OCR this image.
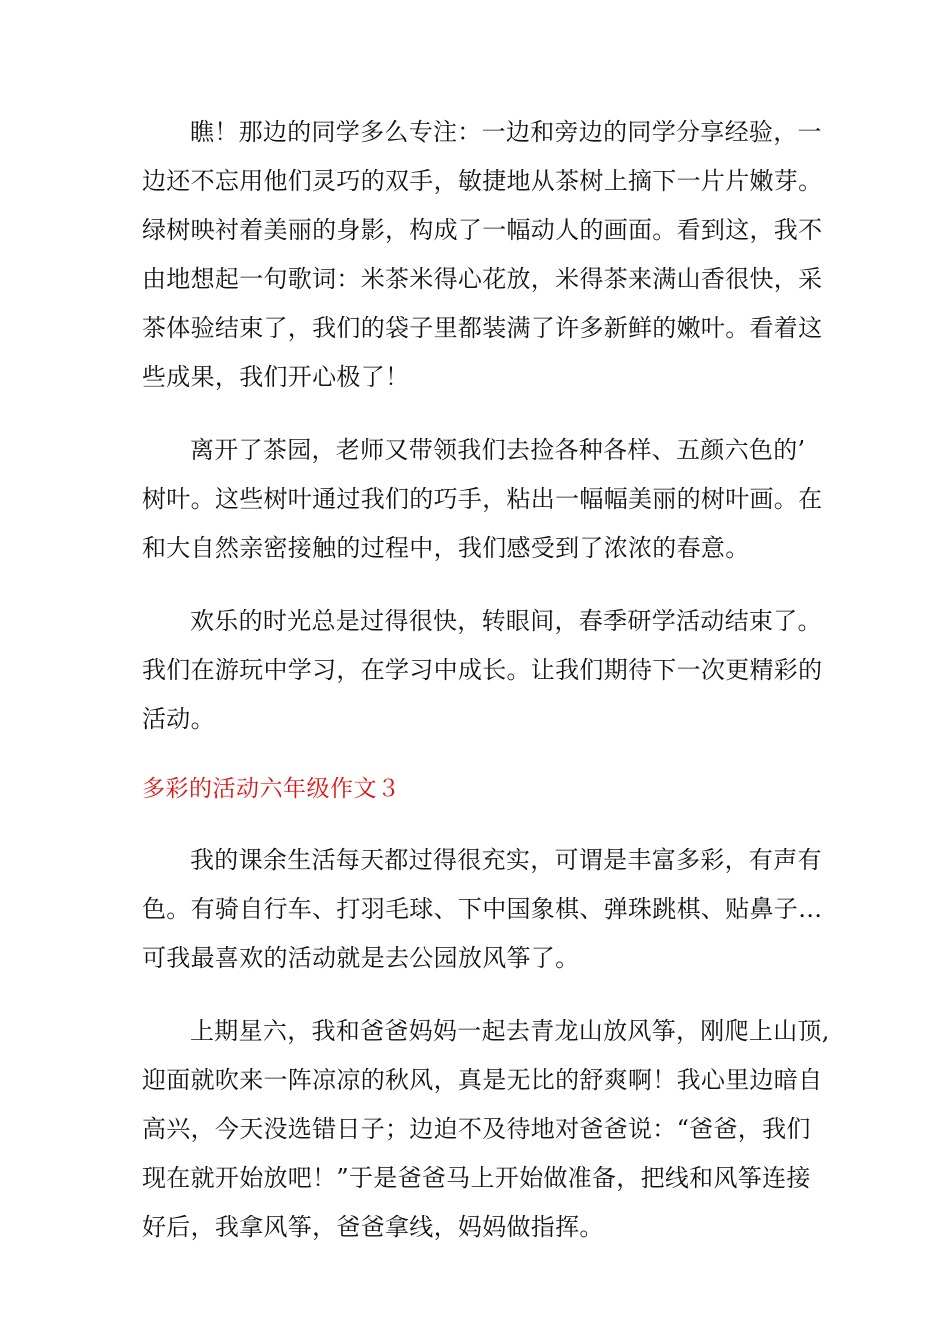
瞧！那边的同学多么专注：一边和旁边的同学分享经验，一
边还不忘用他们灵巧的双手，敏捷地从茶树上摘下一片片嫩芽。
绿树映衬着美丽的身影，构成了一幅动人的画面。看到这，我不
由地想起一句歌词：米茶米得心花放，米得茶来满山香很快，采
茶体验结束了，我们的袋子里都装满了许多新鲜的嫩叶。看着这
些成果，我们开心极了！
离开了茶园，老师又带领我们去捡各种各样、五颜六色的’
树叶。这些树叶通过我们的巧手，粘出一幅幅美丽的树叶画。在
和大自然亲密接触的过程中，我们感受到了浓浓的春意。
欢乐的时光总是过得很快，转眼间，春季研学活动结束了。
我们在游玩中学习，在学习中成长。让我们期待下一次更精彩的
活动。
多彩的活动六年级作文３
我的课余生活每天都过得很充实，可谓是丰富多彩，有声有
色。有骑自行车、打羽毛球、下中国象棋、弹珠跳棋、贴鼻子…
可我最喜欢的活动就是去公园放风筝了。
上期星六，我和爸爸妈妈一起去青龙山放风筝，刚爬上山顶,
迎面就吹来一阵凉凉的秋风，真是无比的舒爽啊！我心里边暗自
高兴，今天没选错日子；边迫不及待地对爸爸说：“爸爸，我们
现在就开始放吧！”于是爸爸马上开始做准备，把线和风筝连接
好后，我拿风筝，爸爸拿线，妈妈做指挥。
